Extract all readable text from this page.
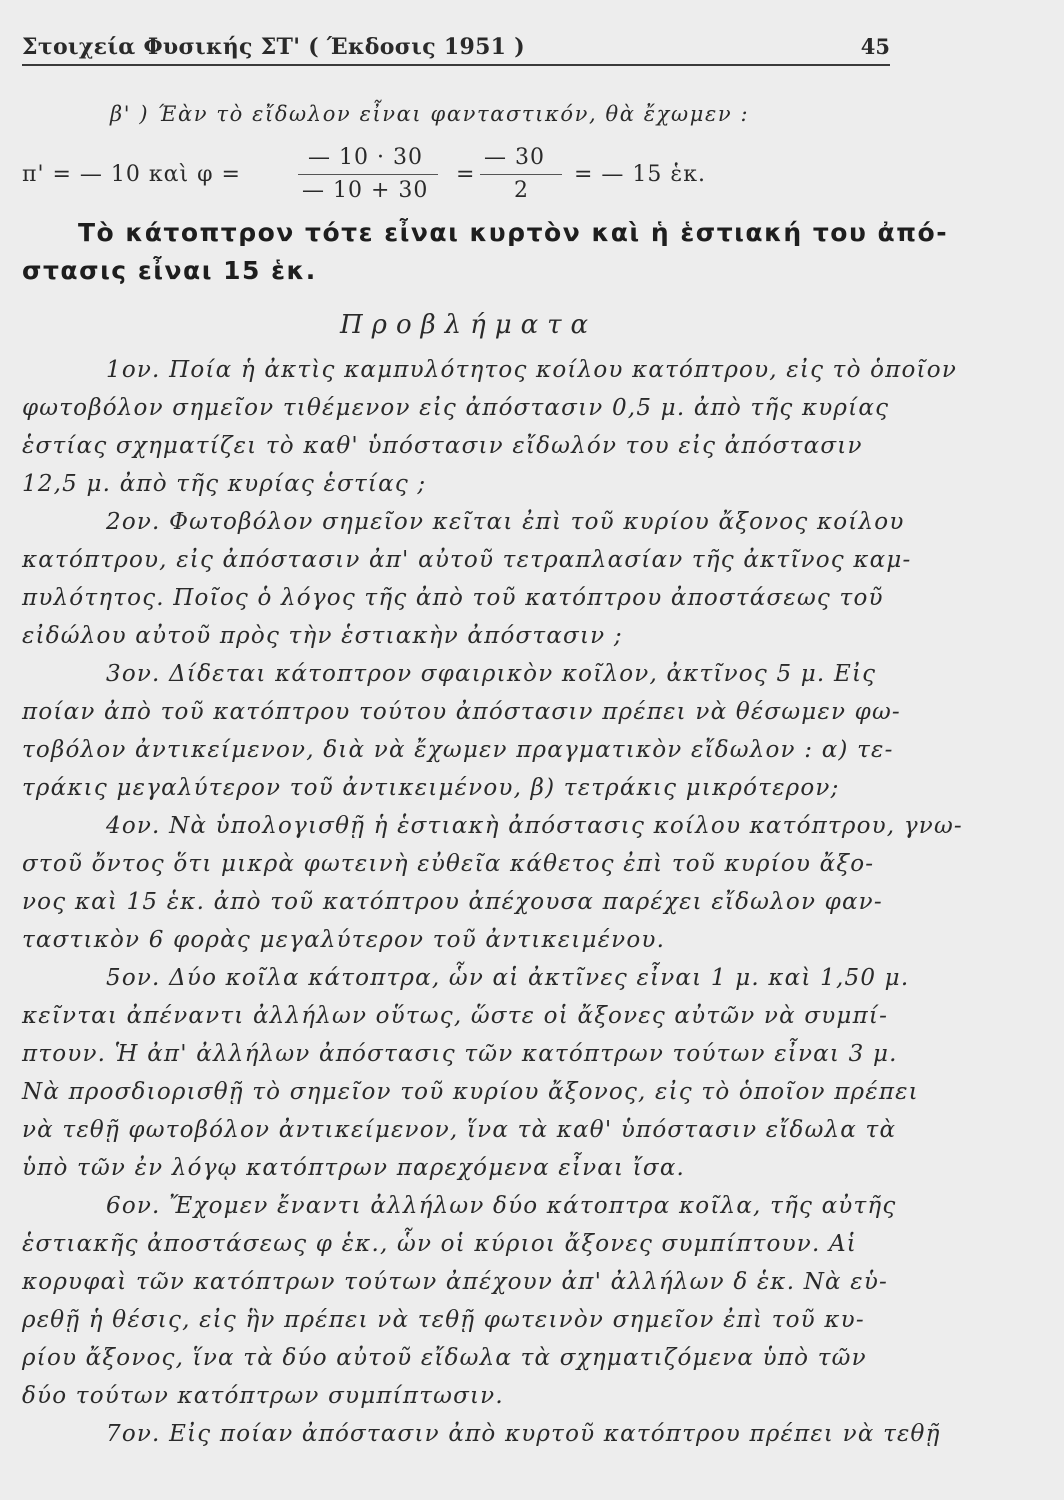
Στοιχεία Φυσικής ΣΤ' ( Έκδοσις 1951 )	45
β' ) Έὰν τὸ εἴδωλον εἶναι φανταστικόν, θὰ ἔχωμεν :
π' = — 10 καὶ φ =
— 10 · 30
— 10 + 30
=
— 30
2
= — 15 ἑκ.
Τὸ κάτοπτρον τότε εἶναι κυρτὸν καὶ ἡ ἑστιακή του ἀπό-
στασις εἶναι 15 ἑκ.
Προβλήματα
1ον. Ποία ἡ ἀκτὶς καμπυλότητος κοίλου κατόπτρου, εἰς τὸ ὁποῖον
φωτοβόλον σημεῖον τιθέμενον εἰς ἀπόστασιν 0,5 μ. ἀπὸ τῆς κυρίας
ἑστίας σχηματίζει τὸ καθ' ὑπόστασιν εἴδωλόν του εἰς ἀπόστασιν
12,5 μ. ἀπὸ τῆς κυρίας ἑστίας ;
2ον. Φωτοβόλον σημεῖον κεῖται ἐπὶ τοῦ κυρίου ἄξονος κοίλου
κατόπτρου, εἰς ἀπόστασιν ἀπ' αὐτοῦ τετραπλασίαν τῆς ἀκτῖνος καμ-
πυλότητος. Ποῖος ὁ λόγος τῆς ἀπὸ τοῦ κατόπτρου ἀποστάσεως τοῦ
εἰδώλου αὐτοῦ πρὸς τὴν ἑστιακὴν ἀπόστασιν ;
3ον. Δίδεται κάτοπτρον σφαιρικὸν κοῖλον, ἀκτῖνος 5 μ. Εἰς
ποίαν ἀπὸ τοῦ κατόπτρου τούτου ἀπόστασιν πρέπει νὰ θέσωμεν φω-
τοβόλον ἀντικείμενον, διὰ νὰ ἔχωμεν πραγματικὸν εἴδωλον : α) τε-
τράκις μεγαλύτερον τοῦ ἀντικειμένου, β) τετράκις μικρότερον;
4ον. Νὰ ὑπολογισθῇ ἡ ἑστιακὴ ἀπόστασις κοίλου κατόπτρου, γνω-
στοῦ ὄντος ὅτι μικρὰ φωτεινὴ εὐθεῖα κάθετος ἐπὶ τοῦ κυρίου ἄξο-
νος καὶ 15 ἑκ. ἀπὸ τοῦ κατόπτρου ἀπέχουσα παρέχει εἴδωλον φαν-
ταστικὸν 6 φορὰς μεγαλύτερον τοῦ ἀντικειμένου.
5ον. Δύο κοῖλα κάτοπτρα, ὧν αἱ ἀκτῖνες εἶναι 1 μ. καὶ 1,50 μ.
κεῖνται ἀπέναντι ἀλλήλων οὕτως, ὥστε οἱ ἄξονες αὐτῶν νὰ συμπί-
πτουν. Ἡ ἀπ' ἀλλήλων ἀπόστασις τῶν κατόπτρων τούτων εἶναι 3 μ.
Νὰ προσδιορισθῇ τὸ σημεῖον τοῦ κυρίου ἄξονος, εἰς τὸ ὁποῖον πρέπει
νὰ τεθῇ φωτοβόλον ἀντικείμενον, ἵνα τὰ καθ' ὑπόστασιν εἴδωλα τὰ
ὑπὸ τῶν ἐν λόγῳ κατόπτρων παρεχόμενα εἶναι ἴσα.
6ον. Ἔχομεν ἔναντι ἀλλήλων δύο κάτοπτρα κοῖλα, τῆς αὐτῆς
ἑστιακῆς ἀποστάσεως φ ἑκ., ὧν οἱ κύριοι ἄξονες συμπίπτουν. Αἱ
κορυφαὶ τῶν κατόπτρων τούτων ἀπέχουν ἀπ' ἀλλήλων δ ἑκ. Νὰ εὑ-
ρεθῇ ἡ θέσις, εἰς ἣν πρέπει νὰ τεθῇ φωτεινὸν σημεῖον ἐπὶ τοῦ κυ-
ρίου ἄξονος, ἵνα τὰ δύο αὐτοῦ εἴδωλα τὰ σχηματιζόμενα ὑπὸ τῶν
δύο τούτων κατόπτρων συμπίπτωσιν.
7ον. Εἰς ποίαν ἀπόστασιν ἀπὸ κυρτοῦ κατόπτρου πρέπει νὰ τεθῇ
